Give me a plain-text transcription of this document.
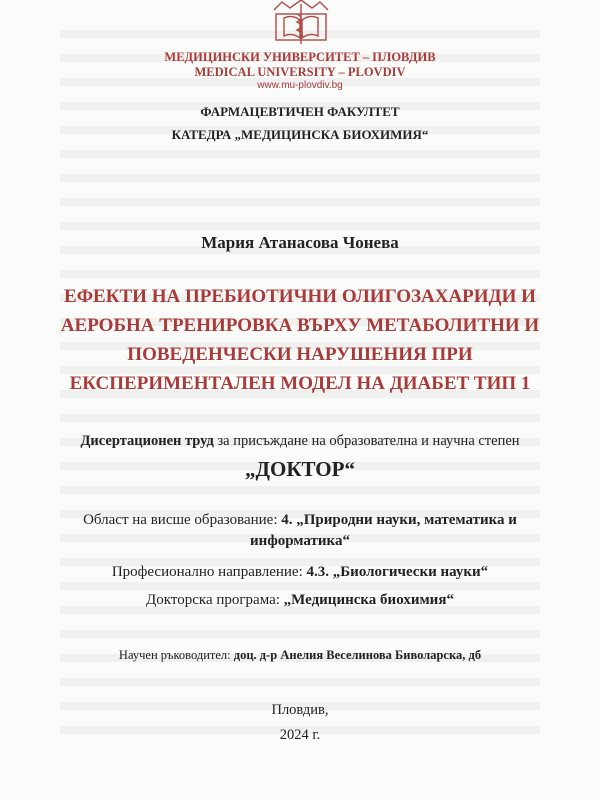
МЕДИЦИНСКИ УНИВЕРСИТЕТ – ПЛОВДИВ
MEDICAL UNIVERSITY – PLOVDIV
www.mu-plovdiv.bg
ФАРМАЦЕВТИЧЕН ФАКУЛТЕТ
КАТЕДРА „МЕДИЦИНСКА БИОХИМИЯ“
Мария Атанасова Чонева
ЕФЕКТИ НА ПРЕБИОТИЧНИ ОЛИГОЗАХАРИДИ И
АЕРОБНА ТРЕНИРОВКА ВЪРХУ МЕТАБОЛИТНИ И
ПОВЕДЕНЧЕСКИ НАРУШЕНИЯ ПРИ
ЕКСПЕРИМЕНТАЛЕН МОДЕЛ НА ДИАБЕТ ТИП 1
Дисертационен труд за присъждане на образователна и научна степен
„ДОКТОР“
Област на висше образование: 4. „Природни науки, математика и
информатика“
Професионално направление: 4.3. „Биологически науки“
Докторска програма: „Медицинска биохимия“
Научен ръководител: доц. д-р Анелия Веселинова Биволарска, дб
Пловдив,
2024 г.
